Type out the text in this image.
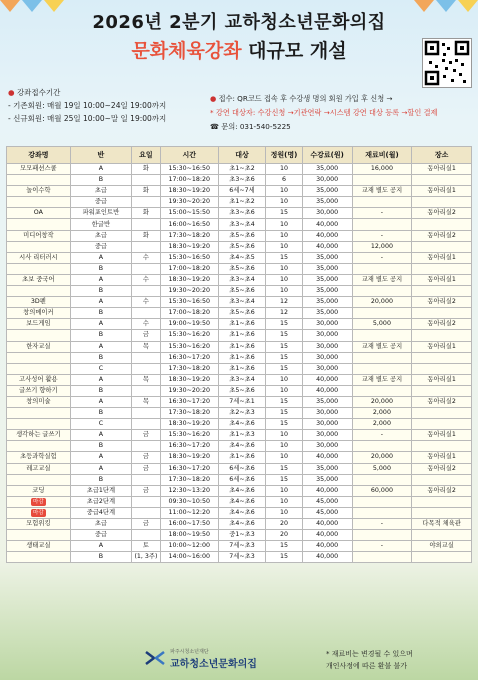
2026년 2분기 교하청소년문화의집
문화체육강좌 대규모 개설
● 강좌접수기간
- 기존회원: 매월 19일 10:00~24일 19:00까지
- 신규회원: 매월 25일 10:00~말 일 19:00까지
● 접수: QR코드 접속 후 수강생 명의 회원 가입 후 신청 →
* 강연 대상자: 수강신청 →기관연락 →시스템 강연 대상 등록 →할인 결제
☎ 문의: 031-540-5225
강좌명	반	요일	시간	대상	정원(명)	수강료(원)	재료비(월)	장소
모모패션스쿨	A	화	15:30~16:50	초1~초2	10	35,000	16,000	동아리실1
	B		17:00~18:20	초3~초6	6	30,000		
놀이수학	초급	화	18:30~19:20	6세~7세	10	35,000	교재 별도 공지	동아리실1
	중급		19:30~20:20	초1~초2	10	35,000		
OA	파워포인트반	화	15:00~15:50	초3~초6	15	30,000	-	동아리실2
	한글반		16:00~16:50	초3~초4	10	40,000		
미디어창작	초급	화	17:30~18:20	초5~초6	10	40,000	-	동아리실2
	중급		18:30~19:20	초5~초6	10	40,000	12,000	
시사 리터러시	A	수	15:30~16:50	초4~초5	15	35,000	-	동아리실1
	B		17:00~18:20	초5~초6	10	35,000		
초보 중국어	A	수	18:30~19:20	초3~초4	10	35,000	교재 별도 공지	동아리실1
	B		19:30~20:20	초5~초6	10	35,000		
3D펜	A	수	15:30~16:50	초3~초4	12	35,000	20,000	동아리실2
창의메이커	B		17:00~18:20	초5~초6	12	35,000		
보드게임	A	수	19:00~19:50	초1~초6	15	30,000	5,000	동아리실2
	B	금	15:30~16:20	초1~초6	15	30,000		
한자교실	A	목	15:30~16:20	초1~초6	15	30,000	교재 별도 공지	동아리실1
	B		16:30~17:20	초1~초6	15	30,000		
	C		17:30~18:20	초1~초6	15	30,000		
고사성어 활용	A	목	18:30~19:20	초3~초4	10	40,000	교재 별도 공지	동아리실1
글쓰기 향하기	B		19:30~20:20	초5~초6	10	40,000		
창의미술	A	목	16:30~17:20	7세~초1	15	35,000	20,000	동아리실2
	B		17:30~18:20	초2~초3	15	30,000	2,000	
	C		18:30~19:20	초4~초6	15	30,000	2,000	
생각하는 글쓰기	A	금	15:30~16:20	초1~초3	10	30,000	-	동아리실1
	B		16:30~17:20	초4~초6	10	30,000		
초등과학실험	A	금	18:30~19:20	초1~초6	10	40,000	20,000	동아리실1
레고교실	A	금	16:30~17:20	6세~초6	15	35,000	5,000	동아리실2
	B		17:30~18:20	6세~초6	15	35,000		
코딩	초급1단계	금	12:30~13:20	초4~초6	10	40,000	60,000	동아리실2
마감	초급2단계		09:30~10:50	초4~초6	10	45,000		
마감	중급4단계		11:00~12:20	초4~초6	10	45,000		
모험위킹	초급	금	16:00~17:50	초4~초6	20	40,000	-	다목적 체육관
	중급		18:00~19:50	중1~초3	20	40,000		
생태교실	A	토	10:00~12:00	7세~초3	15	40,000	-	야외교실
	B	(1, 3주)	14:00~16:00	7세~초3	15	40,000		
파주시청소년재단
교하청소년문화의집
* 재료비는 변경될 수 있으며
개인사정에 따른 환불 불가
